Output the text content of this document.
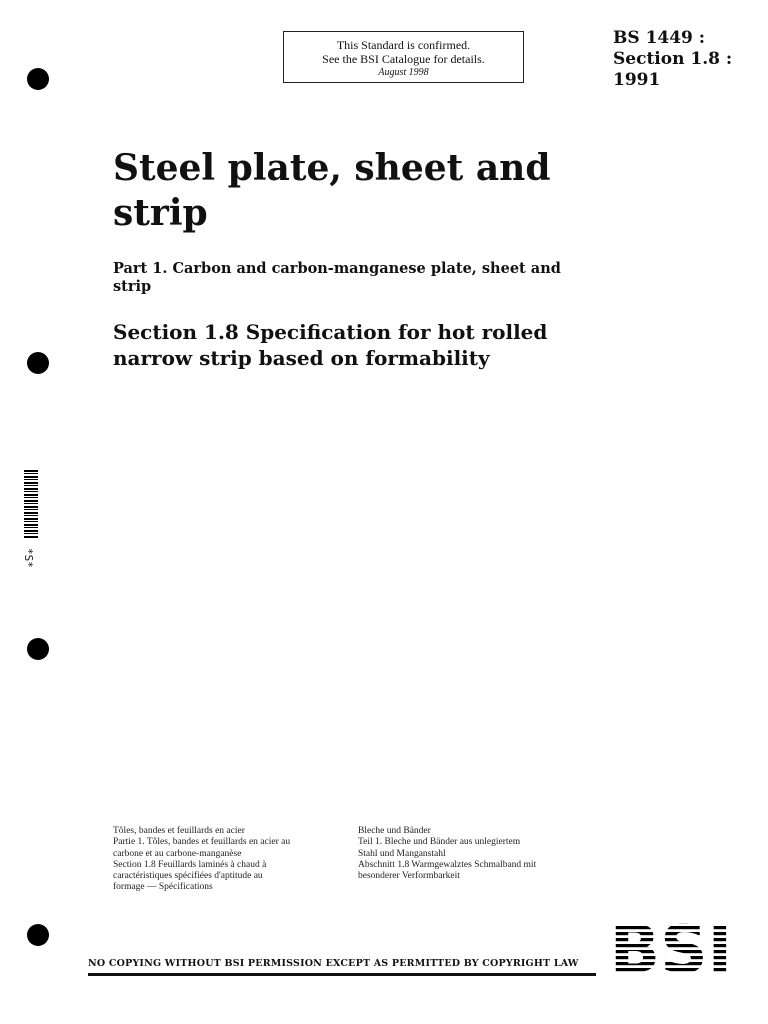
This Standard is confirmed.
See the BSI Catalogue for details.
August 1998
BS 1449 :
Section 1.8 :
1991
Steel plate, sheet and
strip
Part 1. Carbon and carbon-manganese plate, sheet and
strip
Section 1.8 Specification for hot rolled
narrow strip based on formability
*S*
Tôles, bandes et feuillards en acier
Partie 1. Tôles, bandes et feuillards en acier au
carbone et au carbone-manganèse
Section 1.8 Feuillards laminés à chaud à
caractéristiques spécifiées d'aptitude au
formage — Spécifications
Bleche und Bänder
Teil 1. Bleche und Bänder aus unlegiertem
Stahl und Manganstahl
Abschnitt 1.8 Warmgewalztes Schmalband mit
besonderer Verformbarkeit
NO COPYING WITHOUT BSI PERMISSION EXCEPT AS PERMITTED BY COPYRIGHT LAW
